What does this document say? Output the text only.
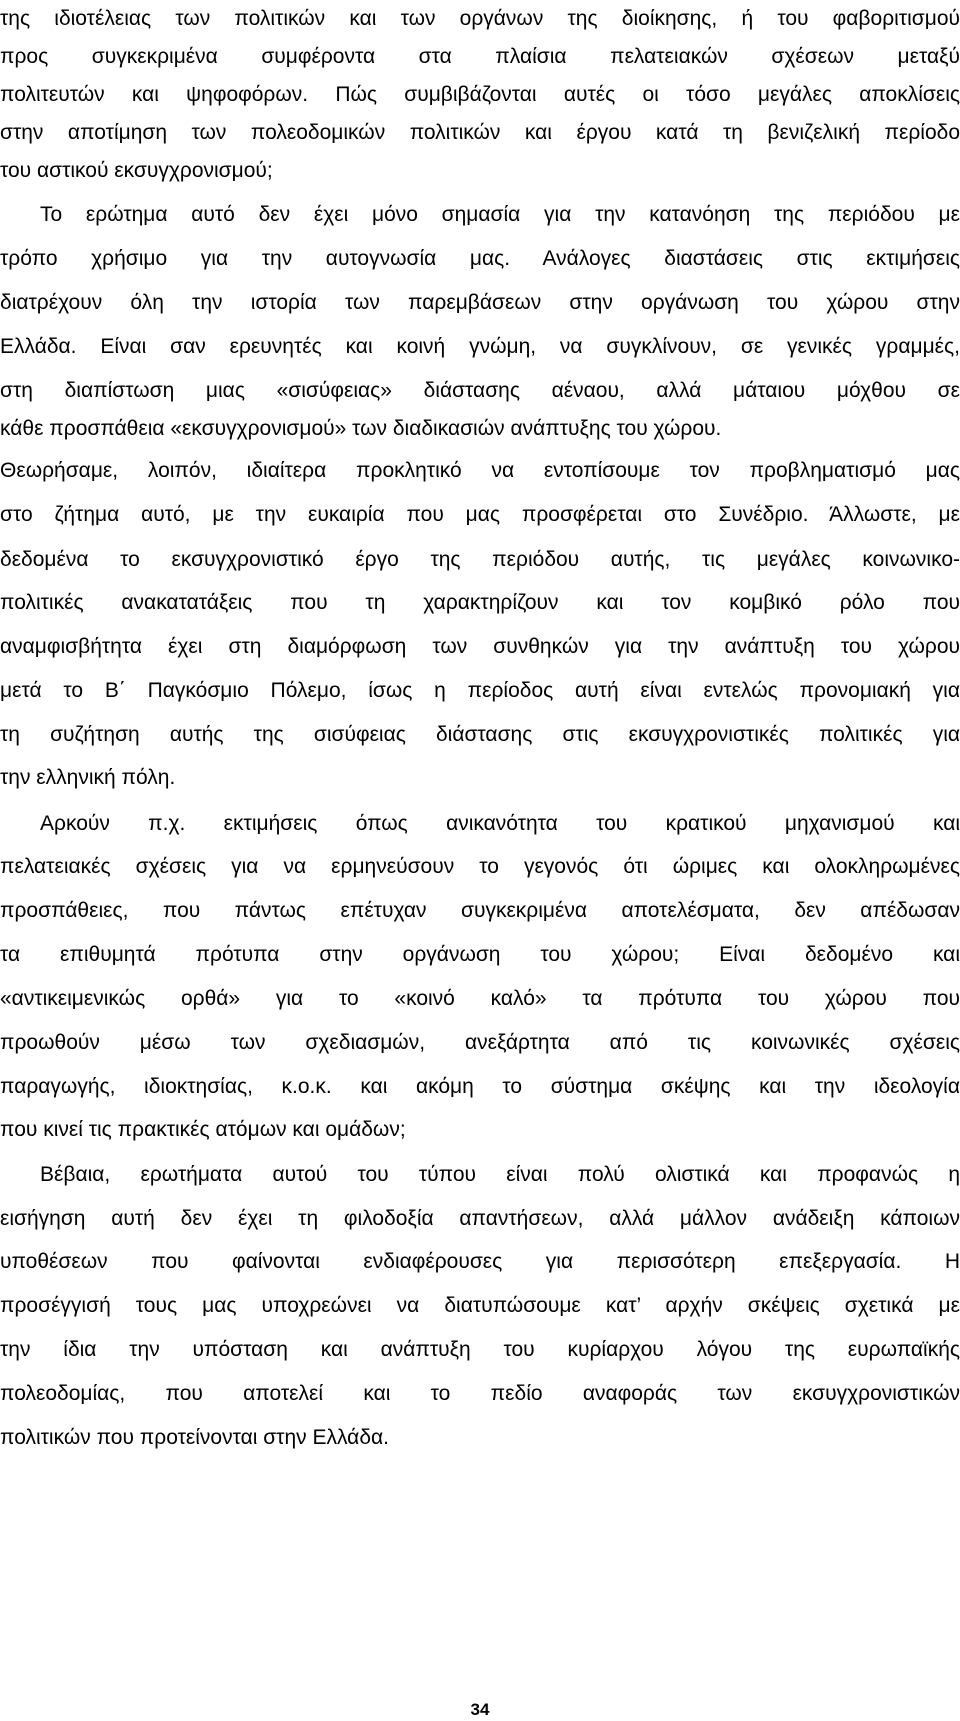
της ιδιοτέλειας των πολιτικών και των οργάνων της διοίκησης, ή του φαβοριτισμού
προς συγκεκριμένα συμφέροντα στα πλαίσια πελατειακών σχέσεων μεταξύ
πολιτευτών και ψηφοφόρων. Πώς συμβιβάζονται αυτές οι τόσο μεγάλες αποκλίσεις
στην αποτίμηση των πολεοδομικών πολιτικών και έργου κατά τη βενιζελική περίοδο
του αστικού εκσυγχρονισμού;
Το ερώτημα αυτό δεν έχει μόνο σημασία για την κατανόηση της περιόδου με
τρόπο χρήσιμο για την αυτογνωσία μας. Ανάλογες διαστάσεις στις εκτιμήσεις
διατρέχουν όλη την ιστορία των παρεμβάσεων στην οργάνωση του χώρου στην
Ελλάδα. Είναι σαν ερευνητές και κοινή γνώμη, να συγκλίνουν, σε γενικές γραμμές,
στη διαπίστωση μιας «σισύφειας» διάστασης αέναου, αλλά μάταιου μόχθου σε
κάθε προσπάθεια «εκσυγχρονισμού» των διαδικασιών ανάπτυξης του χώρου.
Θεωρήσαμε, λοιπόν, ιδιαίτερα προκλητικό να εντοπίσουμε τον προβληματισμό μας
στο ζήτημα αυτό, με την ευκαιρία που μας προσφέρεται στο Συνέδριο. Άλλωστε, με
δεδομένα το εκσυγχρονιστικό έργο της περιόδου αυτής, τις μεγάλες κοινωνικο-
πολιτικές ανακατατάξεις που τη χαρακτηρίζουν και τον κομβικό ρόλο που
αναμφισβήτητα έχει στη διαμόρφωση των συνθηκών για την ανάπτυξη του χώρου
μετά το Β΄ Παγκόσμιο Πόλεμο, ίσως η περίοδος αυτή είναι εντελώς προνομιακή για
τη συζήτηση αυτής της σισύφειας διάστασης στις εκσυγχρονιστικές πολιτικές για
την ελληνική πόλη.
Αρκούν π.χ. εκτιμήσεις όπως ανικανότητα του κρατικού μηχανισμού και
πελατειακές σχέσεις για να ερμηνεύσουν το γεγονός ότι ώριμες και ολοκληρωμένες
προσπάθειες, που πάντως επέτυχαν συγκεκριμένα αποτελέσματα, δεν απέδωσαν
τα επιθυμητά πρότυπα στην οργάνωση του χώρου; Είναι δεδομένο και
«αντικειμενικώς ορθά» για το «κοινό καλό» τα πρότυπα του χώρου που
προωθούν μέσω των σχεδιασμών, ανεξάρτητα από τις κοινωνικές σχέσεις
παραγωγής, ιδιοκτησίας, κ.ο.κ. και ακόμη το σύστημα σκέψης και την ιδεολογία
που κινεί τις πρακτικές ατόμων και ομάδων;
Βέβαια, ερωτήματα αυτού του τύπου είναι πολύ ολιστικά και προφανώς η
εισήγηση αυτή δεν έχει τη φιλοδοξία απαντήσεων, αλλά μάλλον ανάδειξη κάποιων
υποθέσεων που φαίνονται ενδιαφέρουσες για περισσότερη επεξεργασία. Η
προσέγγισή τους μας υποχρεώνει να διατυπώσουμε κατ’ αρχήν σκέψεις σχετικά με
την ίδια την υπόσταση και ανάπτυξη του κυρίαρχου λόγου της ευρωπαϊκής
πολεοδομίας, που αποτελεί και το πεδίο αναφοράς των εκσυγχρονιστικών
πολιτικών που προτείνονται στην Ελλάδα.
34
